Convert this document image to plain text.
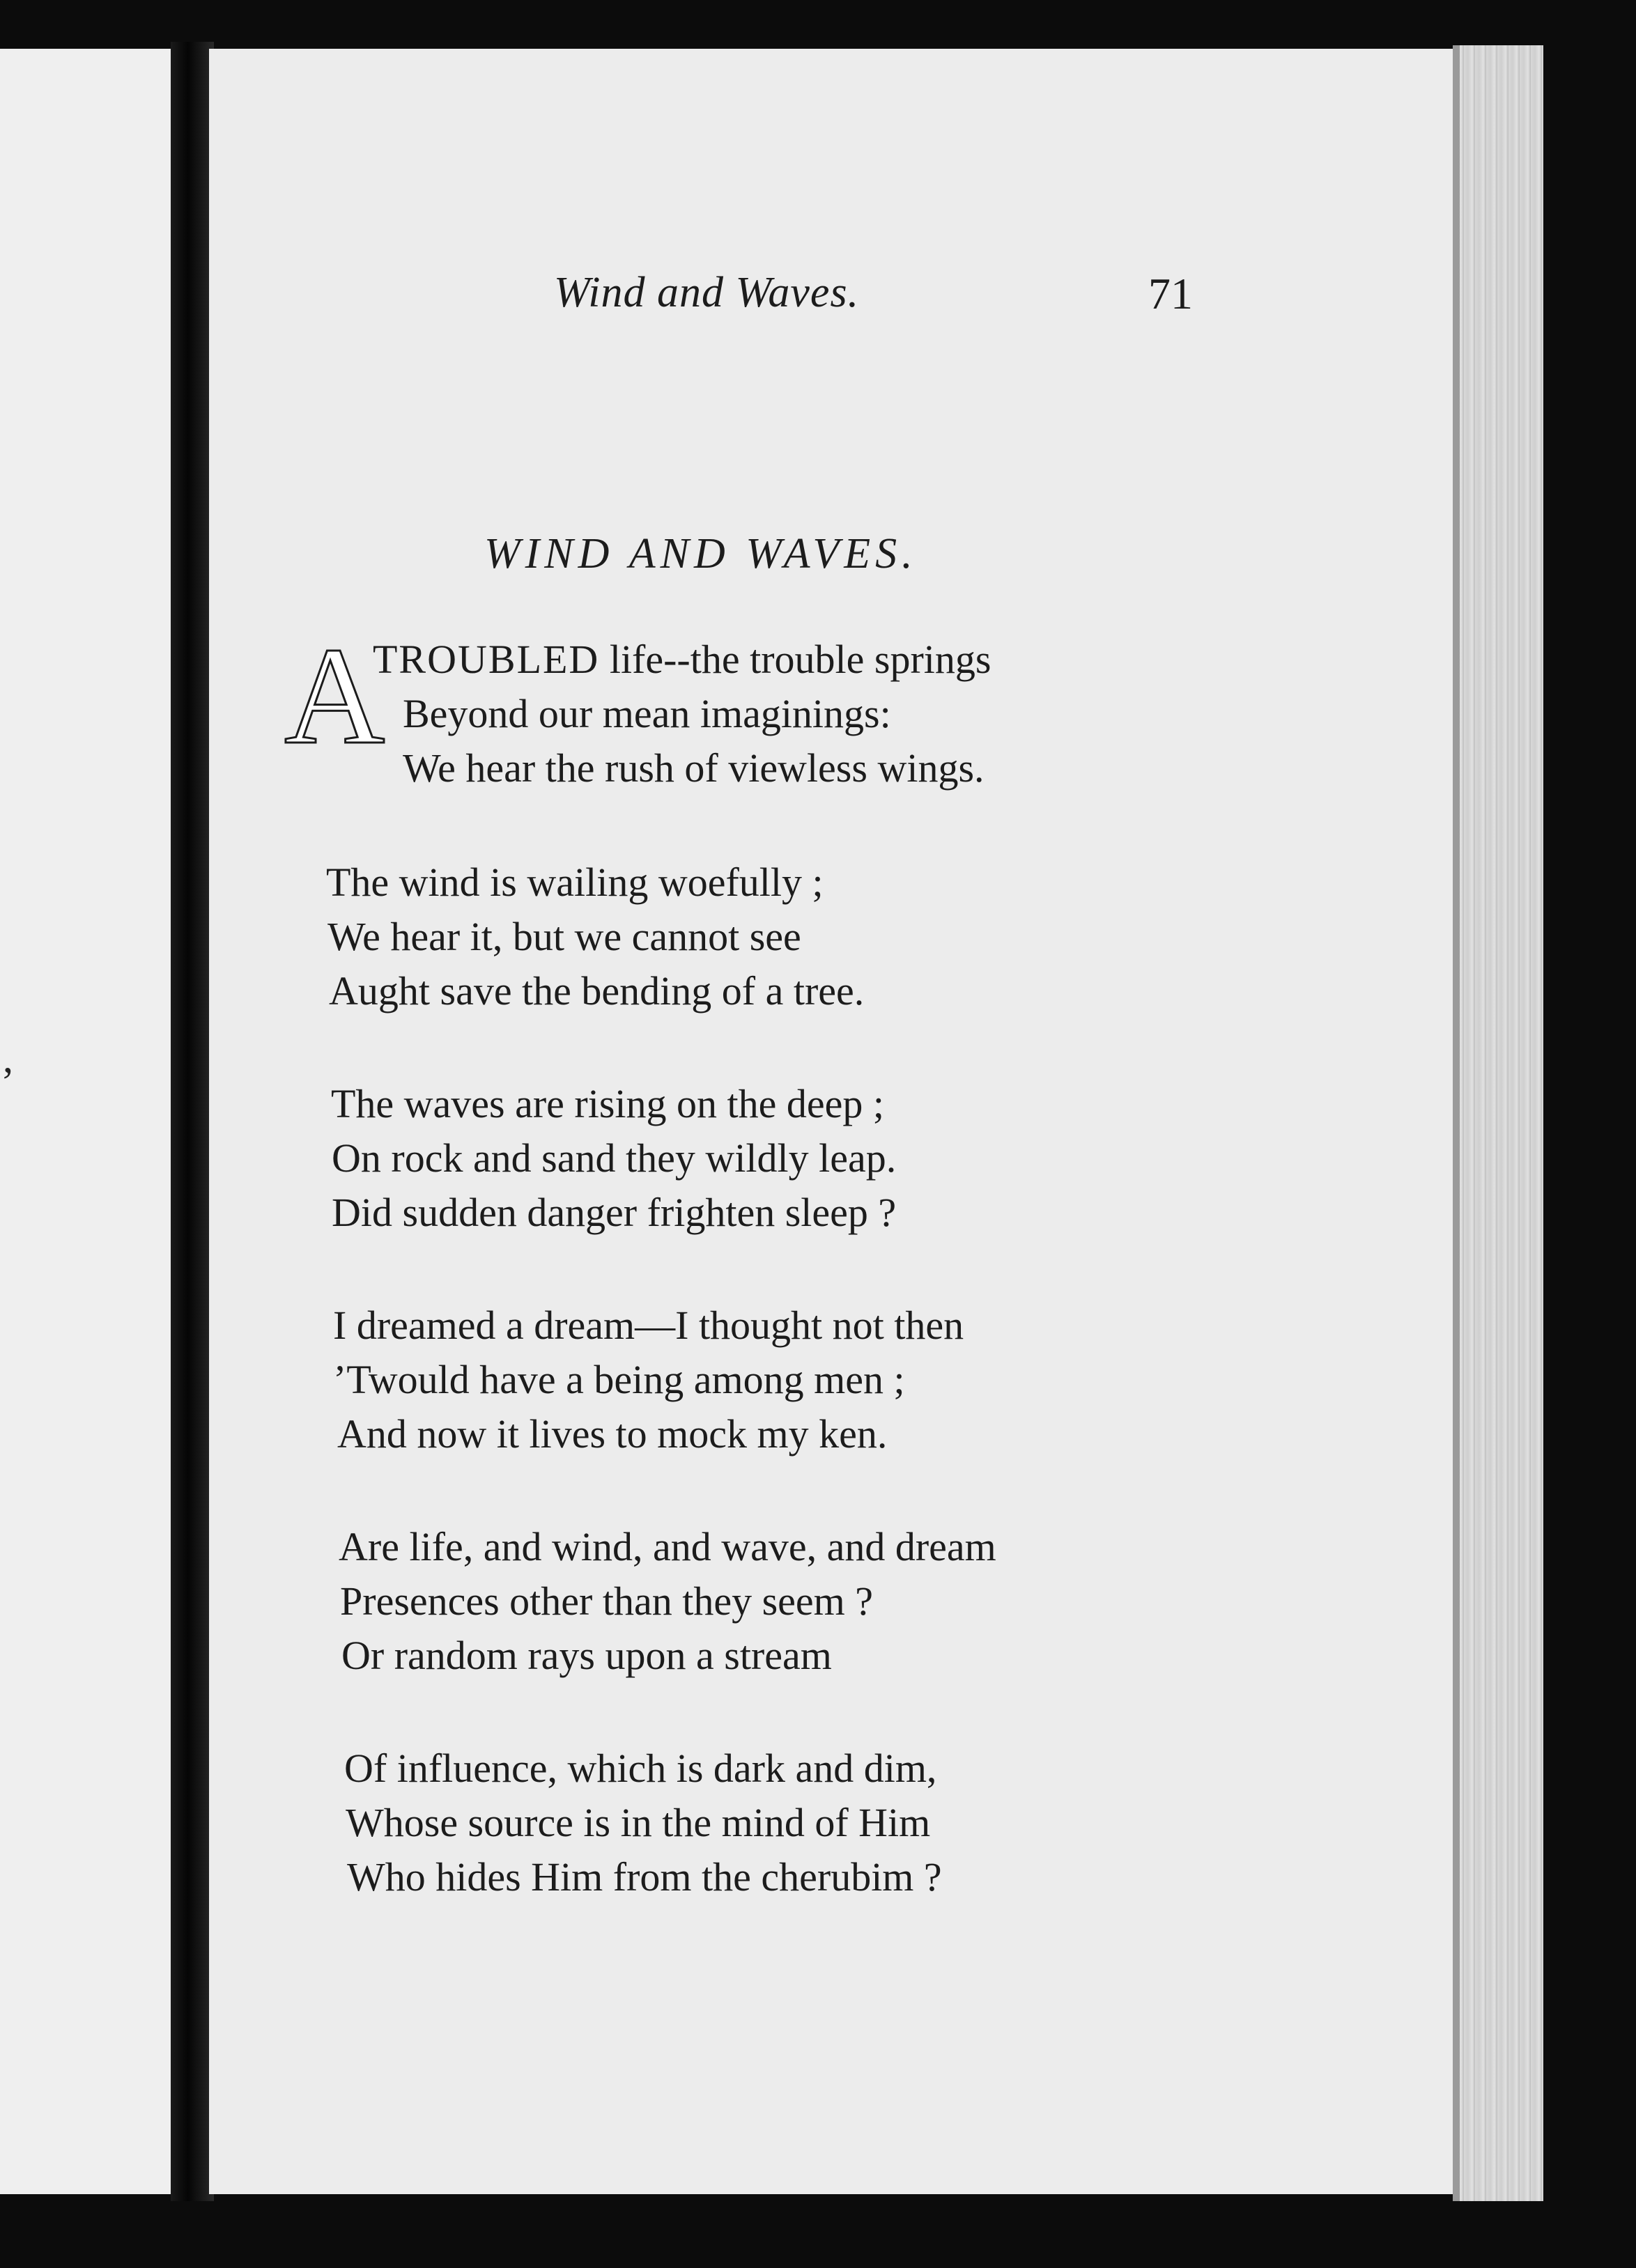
,
Wind and Waves.	71
WIND AND WAVES.
A
TROUBLED life--the trouble springs
Beyond our mean imaginings:
We hear the rush of viewless wings.
The wind is wailing woefully ;
We hear it, but we cannot see
Aught save the bending of a tree.
The waves are rising on the deep ;
On rock and sand they wildly leap.
Did sudden danger frighten sleep ?
I dreamed a dream—I thought not then
’Twould have a being among men ;
And now it lives to mock my ken.
Are life, and wind, and wave, and dream
Presences other than they seem ?
Or random rays upon a stream
Of influence, which is dark and dim,
Whose source is in the mind of Him
Who hides Him from the cherubim ?
